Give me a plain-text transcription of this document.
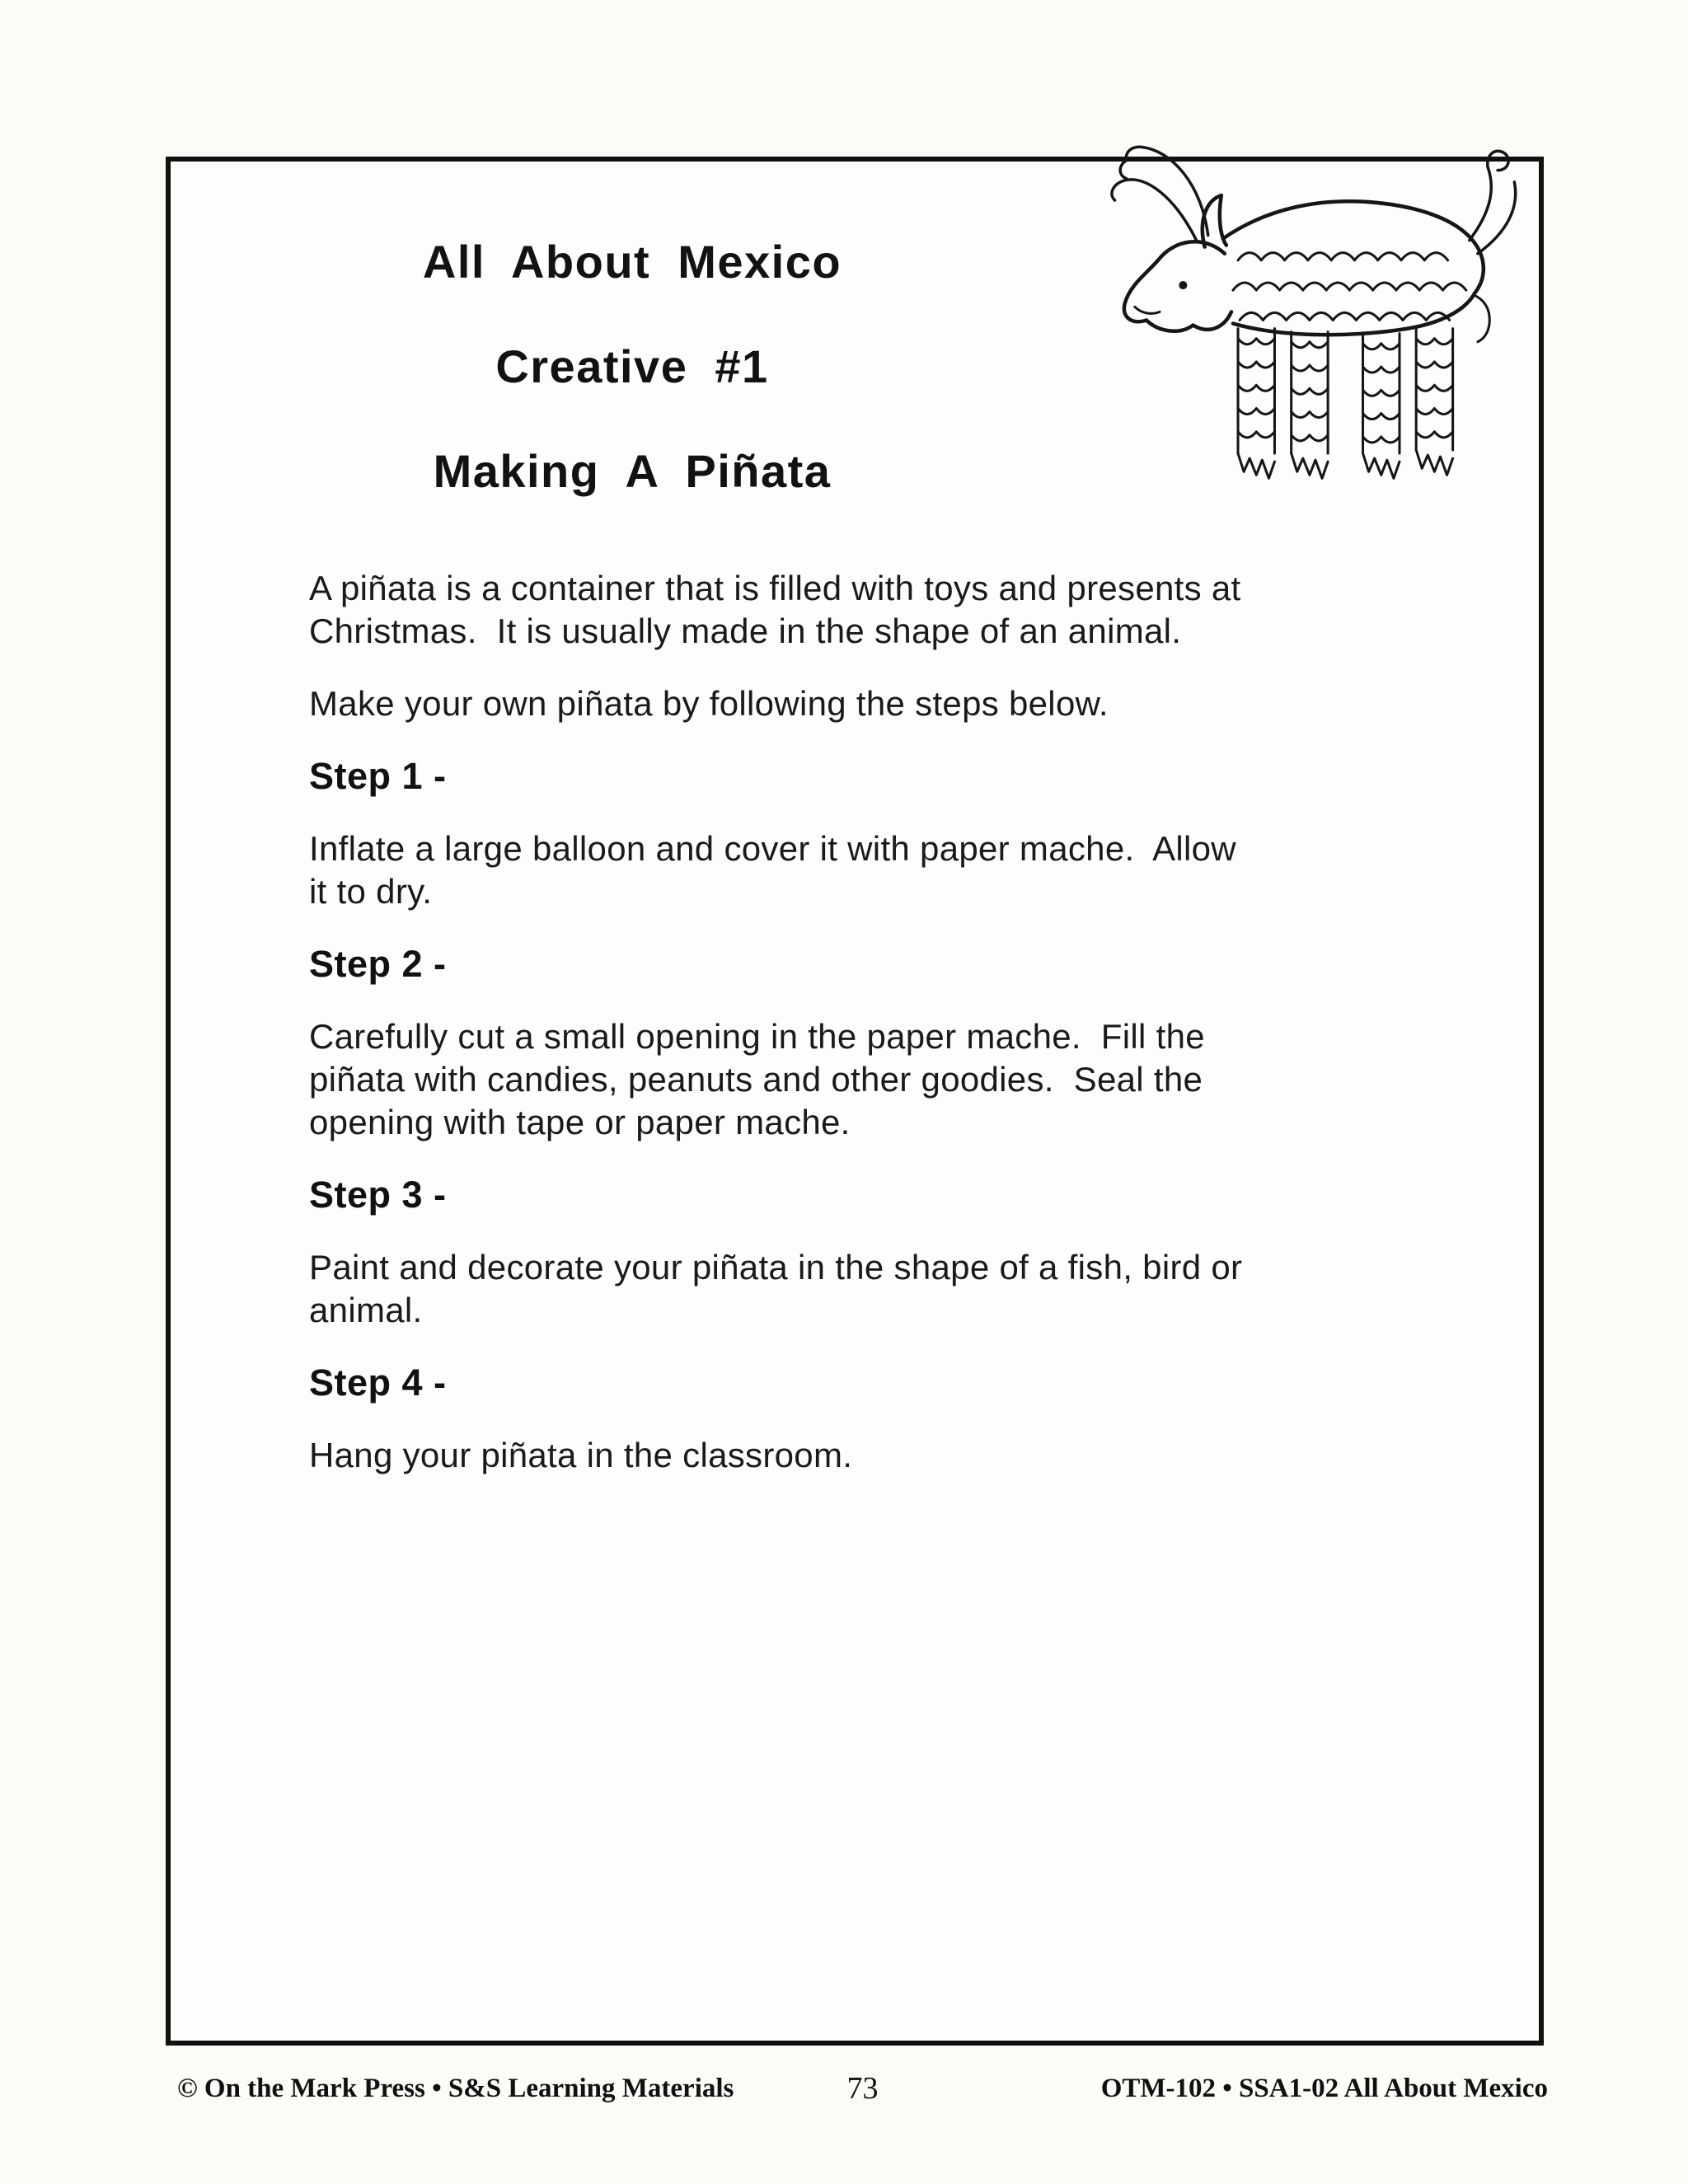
All About Mexico
Creative #1
Making A Piñata
A piñata is a container that is filled with toys and presents at
Christmas.  It is usually made in the shape of an animal.
Make your own piñata by following the steps below.
Step 1 -
Inflate a large balloon and cover it with paper mache.  Allow
it to dry.
Step 2 -
Carefully cut a small opening in the paper mache.  Fill the
piñata with candies, peanuts and other goodies.  Seal the
opening with tape or paper mache.
Step 3 -
Paint and decorate your piñata in the shape of a fish, bird or
animal.
Step 4 -
Hang your piñata in the classroom.
© On the Mark Press • S&S Learning Materials	73	OTM-102 • SSA1-02 All About Mexico
